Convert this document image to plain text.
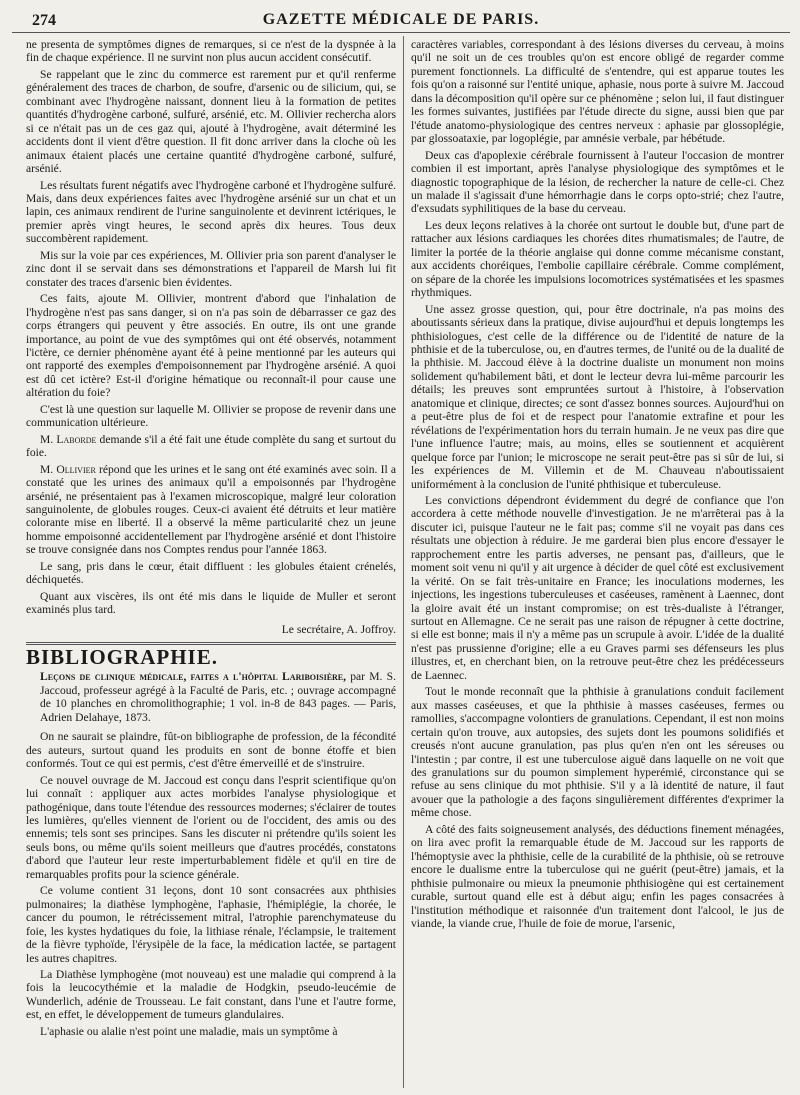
274	GAZETTE MÉDICALE DE PARIS.

ne presenta de symptômes dignes de remarques, si ce n'est de la dyspnée à la fin de chaque expérience. Il ne survint non plus aucun accident consécutif.

Se rappelant que le zinc du commerce est rarement pur et qu'il renferme généralement des traces de charbon, de soufre, d'arsenic ou de silicium, qui, se combinant avec l'hydrogène naissant, donnent lieu à la formation de petites quantités d'hydrogène carboné, sulfuré, arsénié, etc. M. Ollivier rechercha alors si ce n'était pas un de ces gaz qui, ajouté à l'hydrogène, avait déterminé les accidents dont il vient d'être question. Il fit donc arriver dans la cloche où les animaux étaient placés une certaine quantité d'hydrogène carboné, sulfuré, arsénié.

Les résultats furent négatifs avec l'hydrogène carboné et l'hydrogène sulfuré. Mais, dans deux expériences faites avec l'hydrogène arsénié sur un chat et un lapin, ces animaux rendirent de l'urine sanguinolente et devinrent ictériques, le premier après vingt heures, le second après dix heures. Tous deux succombèrent rapidement.

Mis sur la voie par ces expériences, M. Ollivier pria son parent d'analyser le zinc dont il se servait dans ses démonstrations et l'appareil de Marsh lui fit constater des traces d'arsenic bien évidentes.

Ces faits, ajoute M. Ollivier, montrent d'abord que l'inhalation de l'hydrogène n'est pas sans danger, si on n'a pas soin de débarrasser ce gaz des corps étrangers qui peuvent y être associés. En outre, ils ont une grande importance, au point de vue des symptômes qui ont été observés, notamment l'ictère, ce dernier phénomène ayant été à peine mentionné par les auteurs qui ont rapporté des exemples d'empoisonnement par l'hydrogène arsénié. A quoi est dû cet ictère? Est-il d'origine hématique ou reconnaît-il pour cause une altération du foie?

C'est là une question sur laquelle M. Ollivier se propose de revenir dans une communication ultérieure.

M. Laborde demande s'il a été fait une étude complète du sang et surtout du foie.

M. Ollivier répond que les urines et le sang ont été examinés avec soin. Il a constaté que les urines des animaux qu'il a empoisonnés par l'hydrogène arsénié, ne présentaient pas à l'examen microscopique, malgré leur coloration sanguinolente, de globules rouges. Ceux-ci avaient été détruits et leur matière colorante mise en liberté. Il a observé la même particularité chez un jeune homme empoisonné accidentellement par l'hydrogène arsénié et dont l'histoire se trouve consignée dans nos Comptes rendus pour l'année 1863.

Le sang, pris dans le cœur, était diffluent : les globules étaient crénelés, déchiquetés.

Quant aux viscères, ils ont été mis dans le liquide de Muller et seront examinés plus tard.

Le secrétaire, A. Joffroy.

BIBLIOGRAPHIE.

Leçons de clinique médicale, faites a l'hôpital Lariboisière, par M. S. Jaccoud, professeur agrégé à la Faculté de Paris, etc. ; ouvrage accompagné de 10 planches en chromolithographie; 1 vol. in-8 de 843 pages. — Paris, Adrien Delahaye, 1873.

On ne saurait se plaindre, fût-on bibliographe de profession, de la fécondité des auteurs, surtout quand les produits en sont de bonne étoffe et bien conformés. Tout ce qui est permis, c'est d'être émerveillé et de s'instruire.

Ce nouvel ouvrage de M. Jaccoud est conçu dans l'esprit scientifique qu'on lui connaît : appliquer aux actes morbides l'analyse physiologique et pathogénique, dans toute l'étendue des ressources modernes; s'éclairer de toutes les lumières, qu'elles viennent de l'orient ou de l'occident, des amis ou des ennemis; tels sont ses principes. Sans les discuter ni prétendre qu'ils soient les seuls bons, ou même qu'ils soient meilleurs que d'autres procédés, constatons d'abord que l'auteur leur reste imperturbablement fidèle et qu'il en tire de remarquables profits pour la science générale.

Ce volume contient 31 leçons, dont 10 sont consacrées aux phthisies pulmonaires; la diathèse lymphogène, l'aphasie, l'hémiplégie, la chorée, le cancer du poumon, le rétrécissement mitral, l'atrophie parenchymateuse du foie, les kystes hydatiques du foie, la lithiase rénale, l'éclampsie, le traitement de la fièvre typhoïde, l'érysipèle de la face, la médication lactée, se partagent les autres chapitres.

La Diathèse lymphogène (mot nouveau) est une maladie qui comprend à la fois la leucocythémie et la maladie de Hodgkin, pseudo-leucémie de Wunderlich, adénie de Trousseau. Le fait constant, dans l'une et l'autre forme, est, en effet, le développement de tumeurs glandulaires.

L'aphasie ou alalie n'est point une maladie, mais un symptôme à

caractères variables, correspondant à des lésions diverses du cerveau, à moins qu'il ne soit un de ces troubles qu'on est encore obligé de regarder comme purement fonctionnels. La difficulté de s'entendre, qui est apparue toutes les fois qu'on a raisonné sur l'entité unique, aphasie, nous porte à suivre M. Jaccoud dans la décomposition qu'il opère sur ce phénomène ; selon lui, il faut distinguer les formes suivantes, justifiées par l'étude directe du signe, aussi bien que par l'étude anatomo-physiologique des centres nerveux : aphasie par glossoplégie, par glossoataxie, par logoplégie, par amnésie verbale, par hébétude.

Deux cas d'apoplexie cérébrale fournissent à l'auteur l'occasion de montrer combien il est important, après l'analyse physiologique des symptômes et le diagnostic topographique de la lésion, de rechercher la nature de celle-ci. Chez un malade il s'agissait d'une hémorrhagie dans le corps opto-strié; chez l'autre, d'exsudats syphilitiques de la base du cerveau.

Les deux leçons relatives à la chorée ont surtout le double but, d'une part de rattacher aux lésions cardiaques les chorées dites rhumatismales; de l'autre, de limiter la portée de la théorie anglaise qui donne comme mécanisme constant, aux accidents choréiques, l'embolie capillaire cérébrale. Comme complément, on sépare de la chorée les impulsions locomotrices systématisées et les spasmes rhythmiques.

Une assez grosse question, qui, pour être doctrinale, n'a pas moins des aboutissants sérieux dans la pratique, divise aujourd'hui et depuis longtemps les phthisiologues, c'est celle de la différence ou de l'identité de nature de la phthisie et de la tuberculose, ou, en d'autres termes, de l'unité ou de la dualité de la phthisie. M. Jaccoud élève à la doctrine dualiste un monument non moins solidement qu'habilement bâti, et dont le lecteur devra lui-même parcourir les détails; les preuves sont empruntées surtout à l'histoire, à l'observation anatomique et clinique, directes; ce sont d'assez bonnes sources. Aujourd'hui on a peut-être plus de foi et de respect pour l'anatomie extrafine et pour les révélations de l'expérimentation hors du terrain humain. Je ne veux pas dire que l'une influence l'autre; mais, au moins, elles se soutiennent et acquièrent quelque force par l'union; le microscope ne serait peut-être pas si sûr de lui, si les expériences de M. Villemin et de M. Chauveau n'aboutissaient uniformément à la conclusion de l'unité phthisique et tuberculeuse.

Les convictions dépendront évidemment du degré de confiance que l'on accordera à cette méthode nouvelle d'investigation. Je ne m'arrêterai pas à la discuter ici, puisque l'auteur ne le fait pas; comme s'il ne voyait pas dans ces résultats une objection à réduire. Je me garderai bien plus encore d'essayer le rapprochement entre les partis adverses, ne pensant pas, d'ailleurs, que le moment soit venu ni qu'il y ait urgence à décider de quel côté est exclusivement la vérité. On se fait très-unitaire en France; les inoculations modernes, les injections, les ingestions tuberculeuses et caséeuses, ramènent à Laennec, dont la gloire avait été un instant compromise; on est très-dualiste à l'étranger, surtout en Allemagne. Ce ne serait pas une raison de répugner à cette doctrine, si elle est bonne; mais il n'y a même pas un scrupule à avoir. L'idée de la dualité n'est pas prussienne d'origine; elle a eu Graves parmi ses défenseurs les plus illustres, et, en cherchant bien, on la retrouve peut-être chez les prédécesseurs de Laennec.

Tout le monde reconnaît que la phthisie à granulations conduit facilement aux masses caséeuses, et que la phthisie à masses caséeuses, fermes ou ramollies, s'accompagne volontiers de granulations. Cependant, il est non moins certain qu'on trouve, aux autopsies, des sujets dont les poumons solidifiés et creusés n'ont aucune granulation, pas plus qu'en n'en ont les séreuses ou l'intestin ; par contre, il est une tuberculose aiguë dans laquelle on ne voit que des granulations sur du poumon simplement hyperémié, circonstance qui se refuse au sens clinique du mot phthisie. S'il y a là identité de nature, il faut avouer que la pathologie a des façons singulièrement différentes d'exprimer la même chose.

A côté des faits soigneusement analysés, des déductions finement ménagées, on lira avec profit la remarquable étude de M. Jaccoud sur les rapports de l'hémoptysie avec la phthisie, celle de la curabilité de la phthisie, où se retrouve encore le dualisme entre la tuberculose qui ne guérit (peut-être) jamais, et la phthisie pulmonaire ou mieux la pneumonie phthisiogène qui est certainement curable, surtout quand elle est à début aigu; enfin les pages consacrées à l'institution méthodique et raisonnée d'un traitement dont l'alcool, le jus de viande, la viande crue, l'huile de foie de morue, l'arsenic,
